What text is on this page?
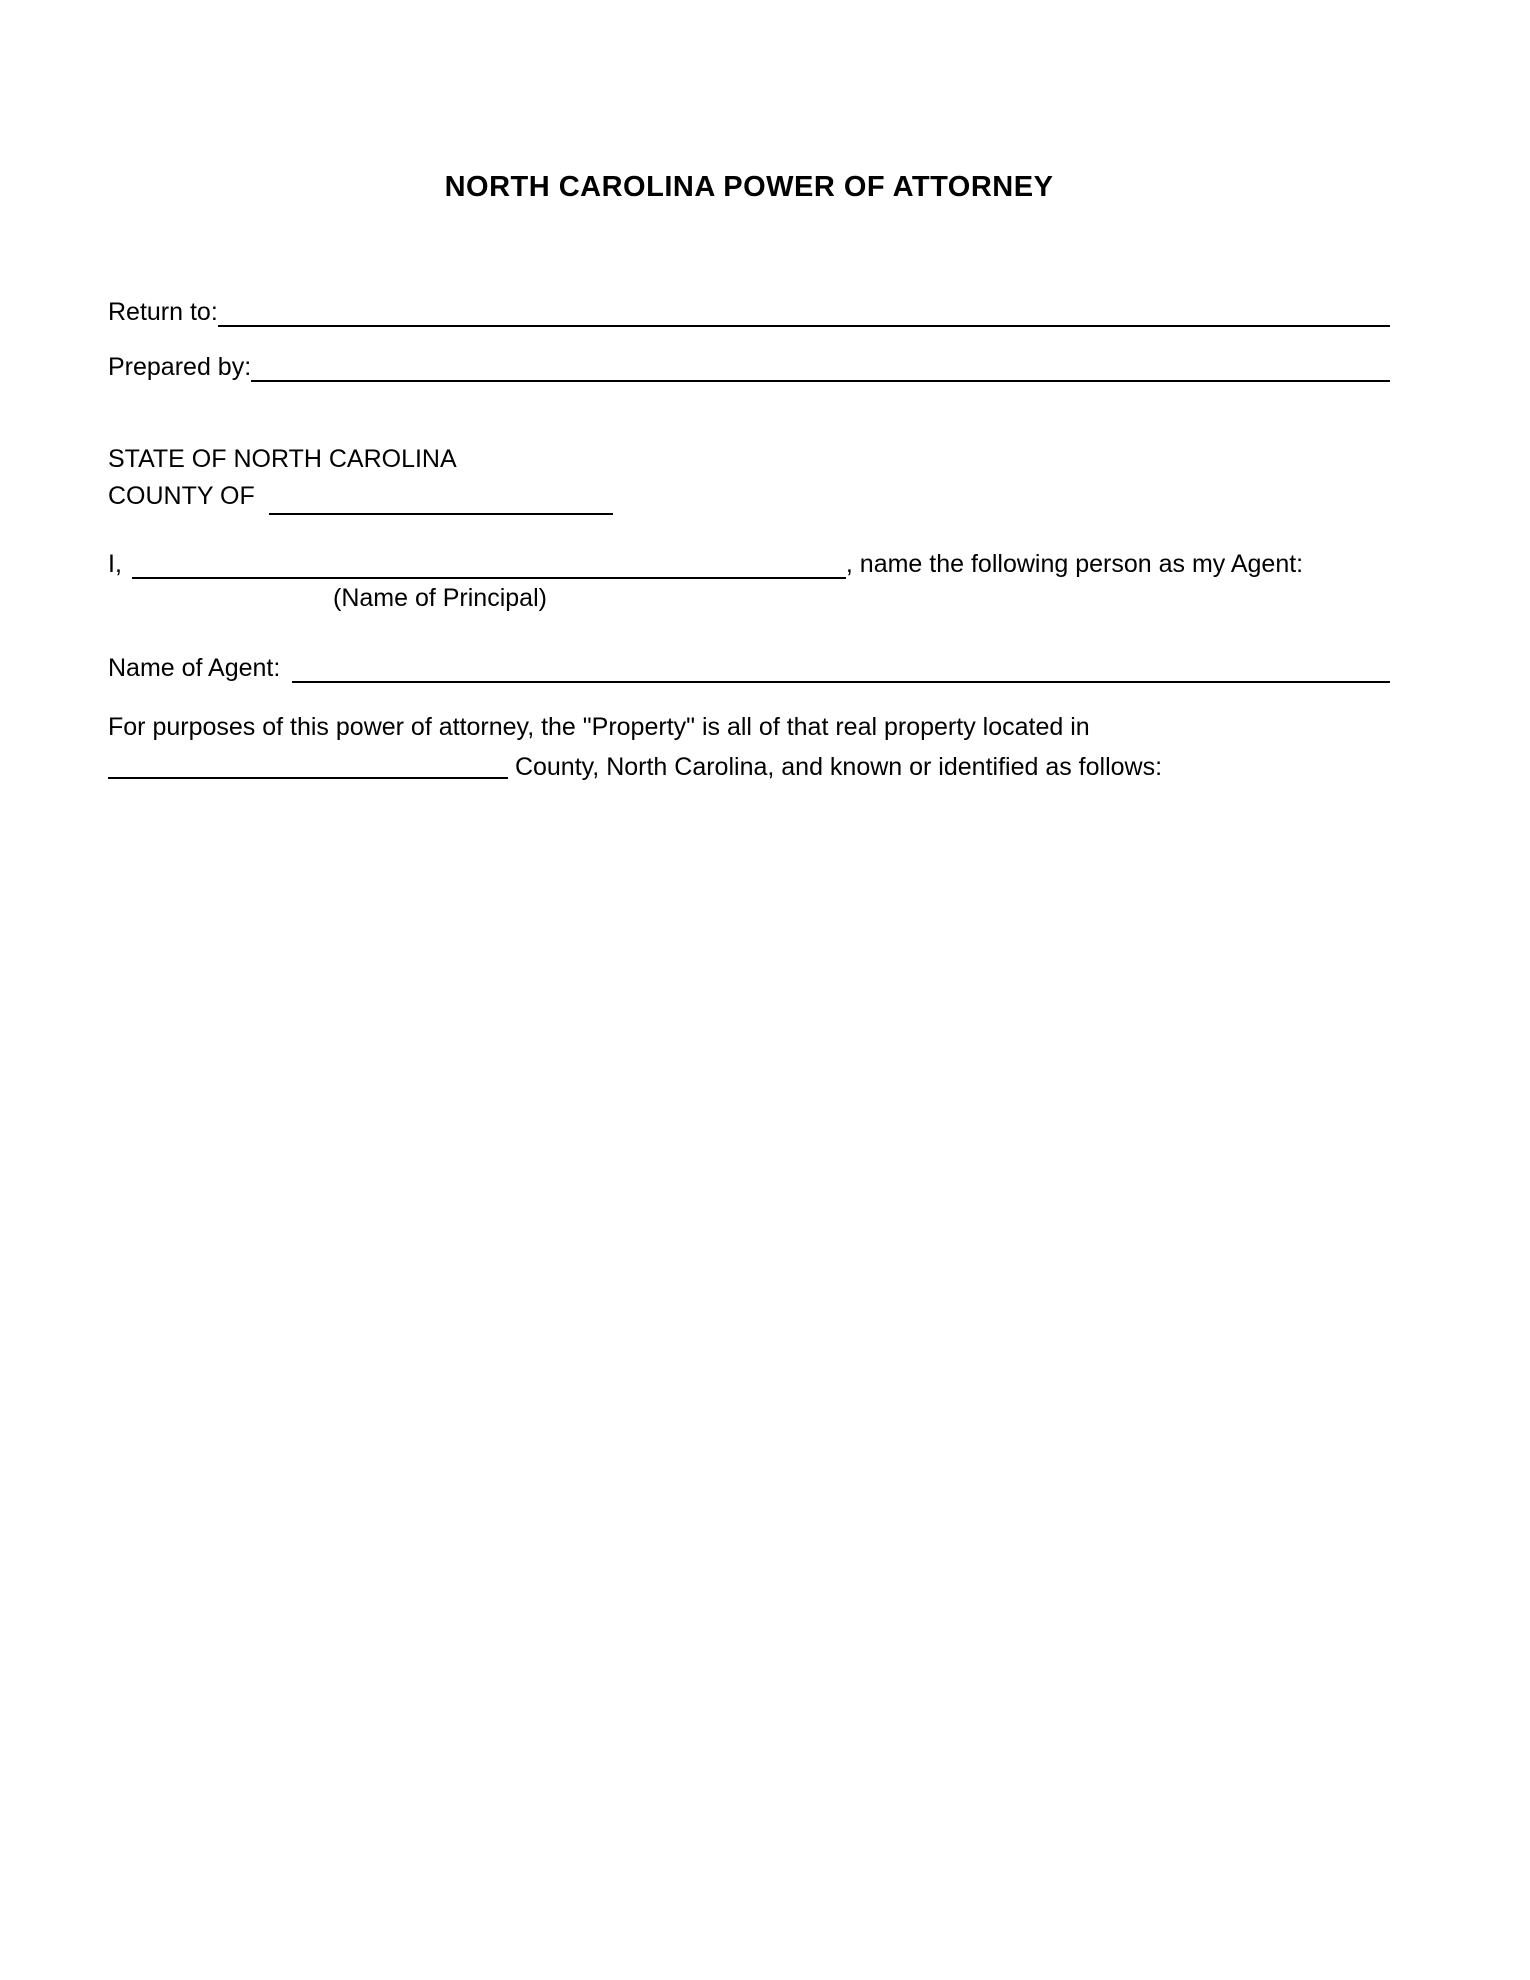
NORTH CAROLINA POWER OF ATTORNEY
Return to:
Prepared by:
STATE OF NORTH CAROLINA
COUNTY OF
I,	, name the following person as my Agent:
(Name of Principal)
Name of Agent:
For purposes of this power of attorney, the "Property" is all of that real property located in
County, North Carolina, and known or identified as follows:
